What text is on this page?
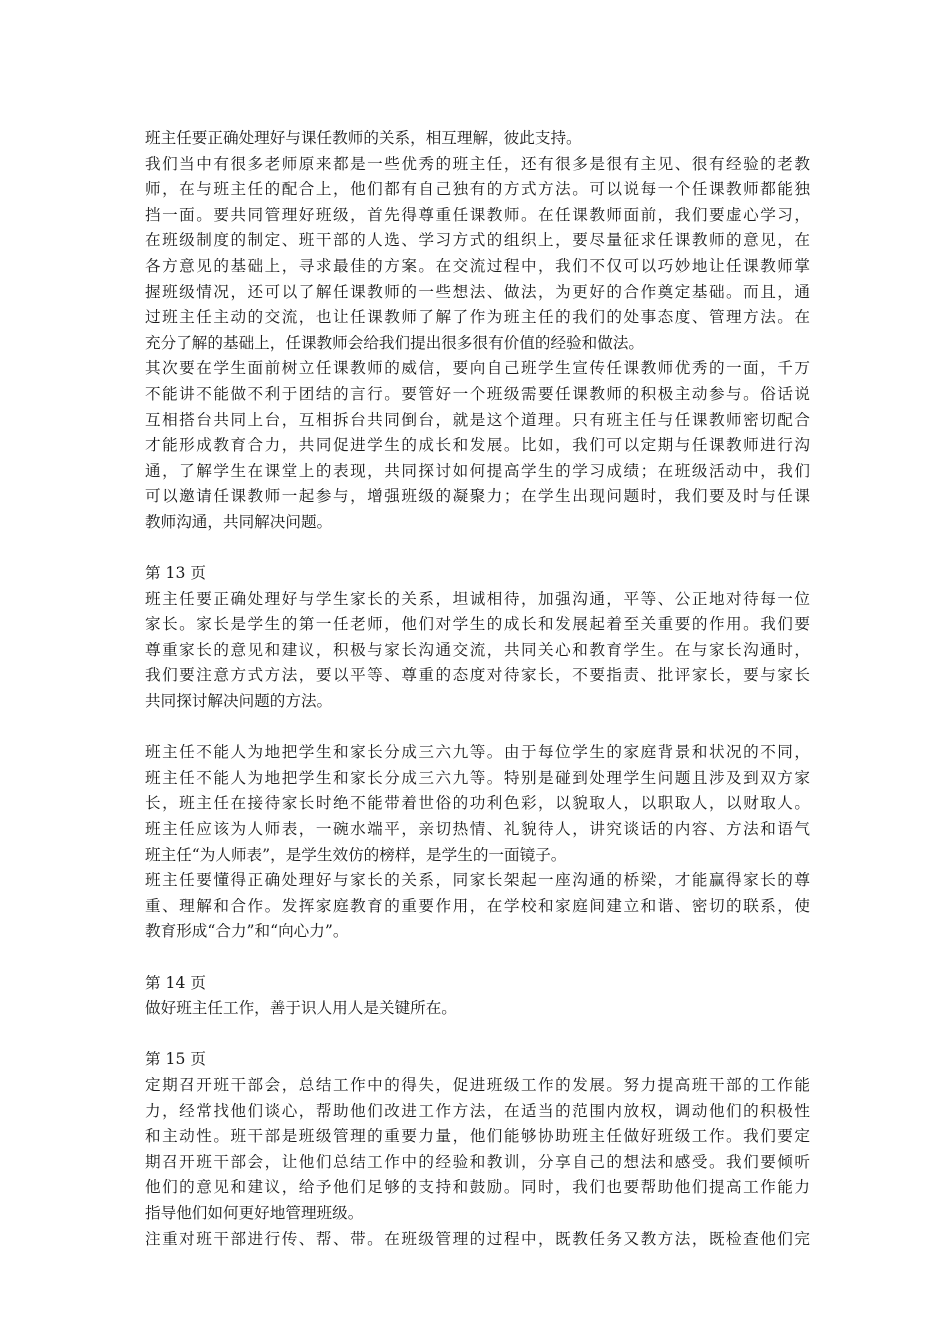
班主任要正确处理好与课任教师的关系，相互理解，彼此支持。
我们当中有很多老师原来都是一些优秀的班主任，还有很多是很有主见、很有经验的老教
师，在与班主任的配合上，他们都有自己独有的方式方法。可以说每一个任课教师都能独
挡一面。要共同管理好班级，首先得尊重任课教师。在任课教师面前，我们要虚心学习，
在班级制度的制定、班干部的人选、学习方式的组织上，要尽量征求任课教师的意见，在
各方意见的基础上，寻求最佳的方案。在交流过程中，我们不仅可以巧妙地让任课教师掌
握班级情况，还可以了解任课教师的一些想法、做法，为更好的合作奠定基础。而且，通
过班主任主动的交流，也让任课教师了解了作为班主任的我们的处事态度、管理方法。在
充分了解的基础上，任课教师会给我们提出很多很有价值的经验和做法。
其次要在学生面前树立任课教师的威信，要向自己班学生宣传任课教师优秀的一面，千万
不能讲不能做不利于团结的言行。要管好一个班级需要任课教师的积极主动参与。俗话说
互相搭台共同上台，互相拆台共同倒台，就是这个道理。只有班主任与任课教师密切配合
才能形成教育合力，共同促进学生的成长和发展。比如，我们可以定期与任课教师进行沟
通，了解学生在课堂上的表现，共同探讨如何提高学生的学习成绩；在班级活动中，我们
可以邀请任课教师一起参与，增强班级的凝聚力；在学生出现问题时，我们要及时与任课
教师沟通，共同解决问题。
第 13 页
班主任要正确处理好与学生家长的关系，坦诚相待，加强沟通，平等、公正地对待每一位
家长。家长是学生的第一任老师，他们对学生的成长和发展起着至关重要的作用。我们要
尊重家长的意见和建议，积极与家长沟通交流，共同关心和教育学生。在与家长沟通时，
我们要注意方式方法，要以平等、尊重的态度对待家长，不要指责、批评家长，要与家长
共同探讨解决问题的方法。
班主任不能人为地把学生和家长分成三六九等。由于每位学生的家庭背景和状况的不同，
班主任不能人为地把学生和家长分成三六九等。特别是碰到处理学生问题且涉及到双方家
长，班主任在接待家长时绝不能带着世俗的功利色彩，以貌取人，以职取人，以财取人。
班主任应该为人师表，一碗水端平，亲切热情、礼貌待人，讲究谈话的内容、方法和语气
班主任“为人师表”，是学生效仿的榜样，是学生的一面镜子。
班主任要懂得正确处理好与家长的关系，同家长架起一座沟通的桥梁，才能赢得家长的尊
重、理解和合作。发挥家庭教育的重要作用，在学校和家庭间建立和谐、密切的联系，使
教育形成“合力”和“向心力”。
第 14 页
做好班主任工作，善于识人用人是关键所在。
第 15 页
定期召开班干部会，总结工作中的得失，促进班级工作的发展。努力提高班干部的工作能
力，经常找他们谈心，帮助他们改进工作方法，在适当的范围内放权，调动他们的积极性
和主动性。班干部是班级管理的重要力量，他们能够协助班主任做好班级工作。我们要定
期召开班干部会，让他们总结工作中的经验和教训，分享自己的想法和感受。我们要倾听
他们的意见和建议，给予他们足够的支持和鼓励。同时，我们也要帮助他们提高工作能力
指导他们如何更好地管理班级。
注重对班干部进行传、帮、带。在班级管理的过程中，既教任务又教方法，既检查他们完
